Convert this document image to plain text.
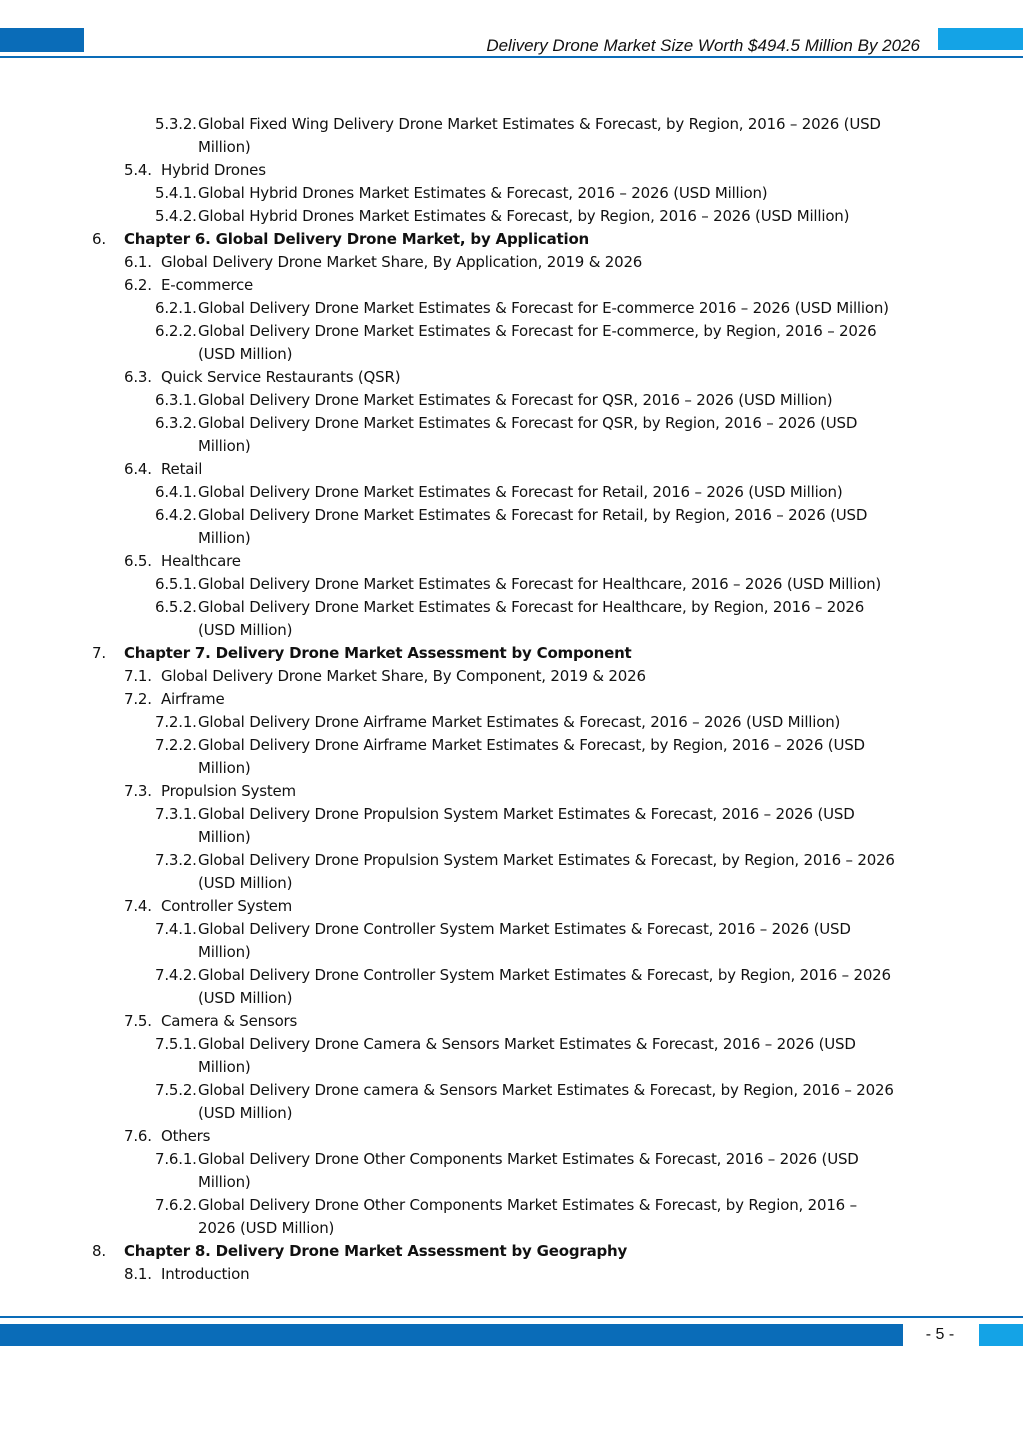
Delivery Drone Market Size Worth $494.5 Million By 2026
5.3.2. Global Fixed Wing Delivery Drone Market Estimates & Forecast, by Region, 2016 – 2026 (USD
Million)
5.4. Hybrid Drones
5.4.1. Global Hybrid Drones Market Estimates & Forecast, 2016 – 2026 (USD Million)
5.4.2. Global Hybrid Drones Market Estimates & Forecast, by Region, 2016 – 2026 (USD Million)
6. Chapter 6. Global Delivery Drone Market, by Application
6.1. Global Delivery Drone Market Share, By Application, 2019 & 2026
6.2. E-commerce
6.2.1. Global Delivery Drone Market Estimates & Forecast for E-commerce 2016 – 2026 (USD Million)
6.2.2. Global Delivery Drone Market Estimates & Forecast for E-commerce, by Region, 2016 – 2026
(USD Million)
6.3. Quick Service Restaurants (QSR)
6.3.1. Global Delivery Drone Market Estimates & Forecast for QSR, 2016 – 2026 (USD Million)
6.3.2. Global Delivery Drone Market Estimates & Forecast for QSR, by Region, 2016 – 2026 (USD
Million)
6.4. Retail
6.4.1. Global Delivery Drone Market Estimates & Forecast for Retail, 2016 – 2026 (USD Million)
6.4.2. Global Delivery Drone Market Estimates & Forecast for Retail, by Region, 2016 – 2026 (USD
Million)
6.5. Healthcare
6.5.1. Global Delivery Drone Market Estimates & Forecast for Healthcare, 2016 – 2026 (USD Million)
6.5.2. Global Delivery Drone Market Estimates & Forecast for Healthcare, by Region, 2016 – 2026
(USD Million)
7. Chapter 7. Delivery Drone Market Assessment by Component
7.1. Global Delivery Drone Market Share, By Component, 2019 & 2026
7.2. Airframe
7.2.1. Global Delivery Drone Airframe Market Estimates & Forecast, 2016 – 2026 (USD Million)
7.2.2. Global Delivery Drone Airframe Market Estimates & Forecast, by Region, 2016 – 2026 (USD
Million)
7.3. Propulsion System
7.3.1. Global Delivery Drone Propulsion System Market Estimates & Forecast, 2016 – 2026 (USD
Million)
7.3.2. Global Delivery Drone Propulsion System Market Estimates & Forecast, by Region, 2016 – 2026
(USD Million)
7.4. Controller System
7.4.1. Global Delivery Drone Controller System Market Estimates & Forecast, 2016 – 2026 (USD
Million)
7.4.2. Global Delivery Drone Controller System Market Estimates & Forecast, by Region, 2016 – 2026
(USD Million)
7.5. Camera & Sensors
7.5.1. Global Delivery Drone Camera & Sensors Market Estimates & Forecast, 2016 – 2026 (USD
Million)
7.5.2. Global Delivery Drone camera & Sensors Market Estimates & Forecast, by Region, 2016 – 2026
(USD Million)
7.6. Others
7.6.1. Global Delivery Drone Other Components Market Estimates & Forecast, 2016 – 2026 (USD
Million)
7.6.2. Global Delivery Drone Other Components Market Estimates & Forecast, by Region, 2016 –
2026 (USD Million)
8. Chapter 8. Delivery Drone Market Assessment by Geography
8.1. Introduction
- 5 -
